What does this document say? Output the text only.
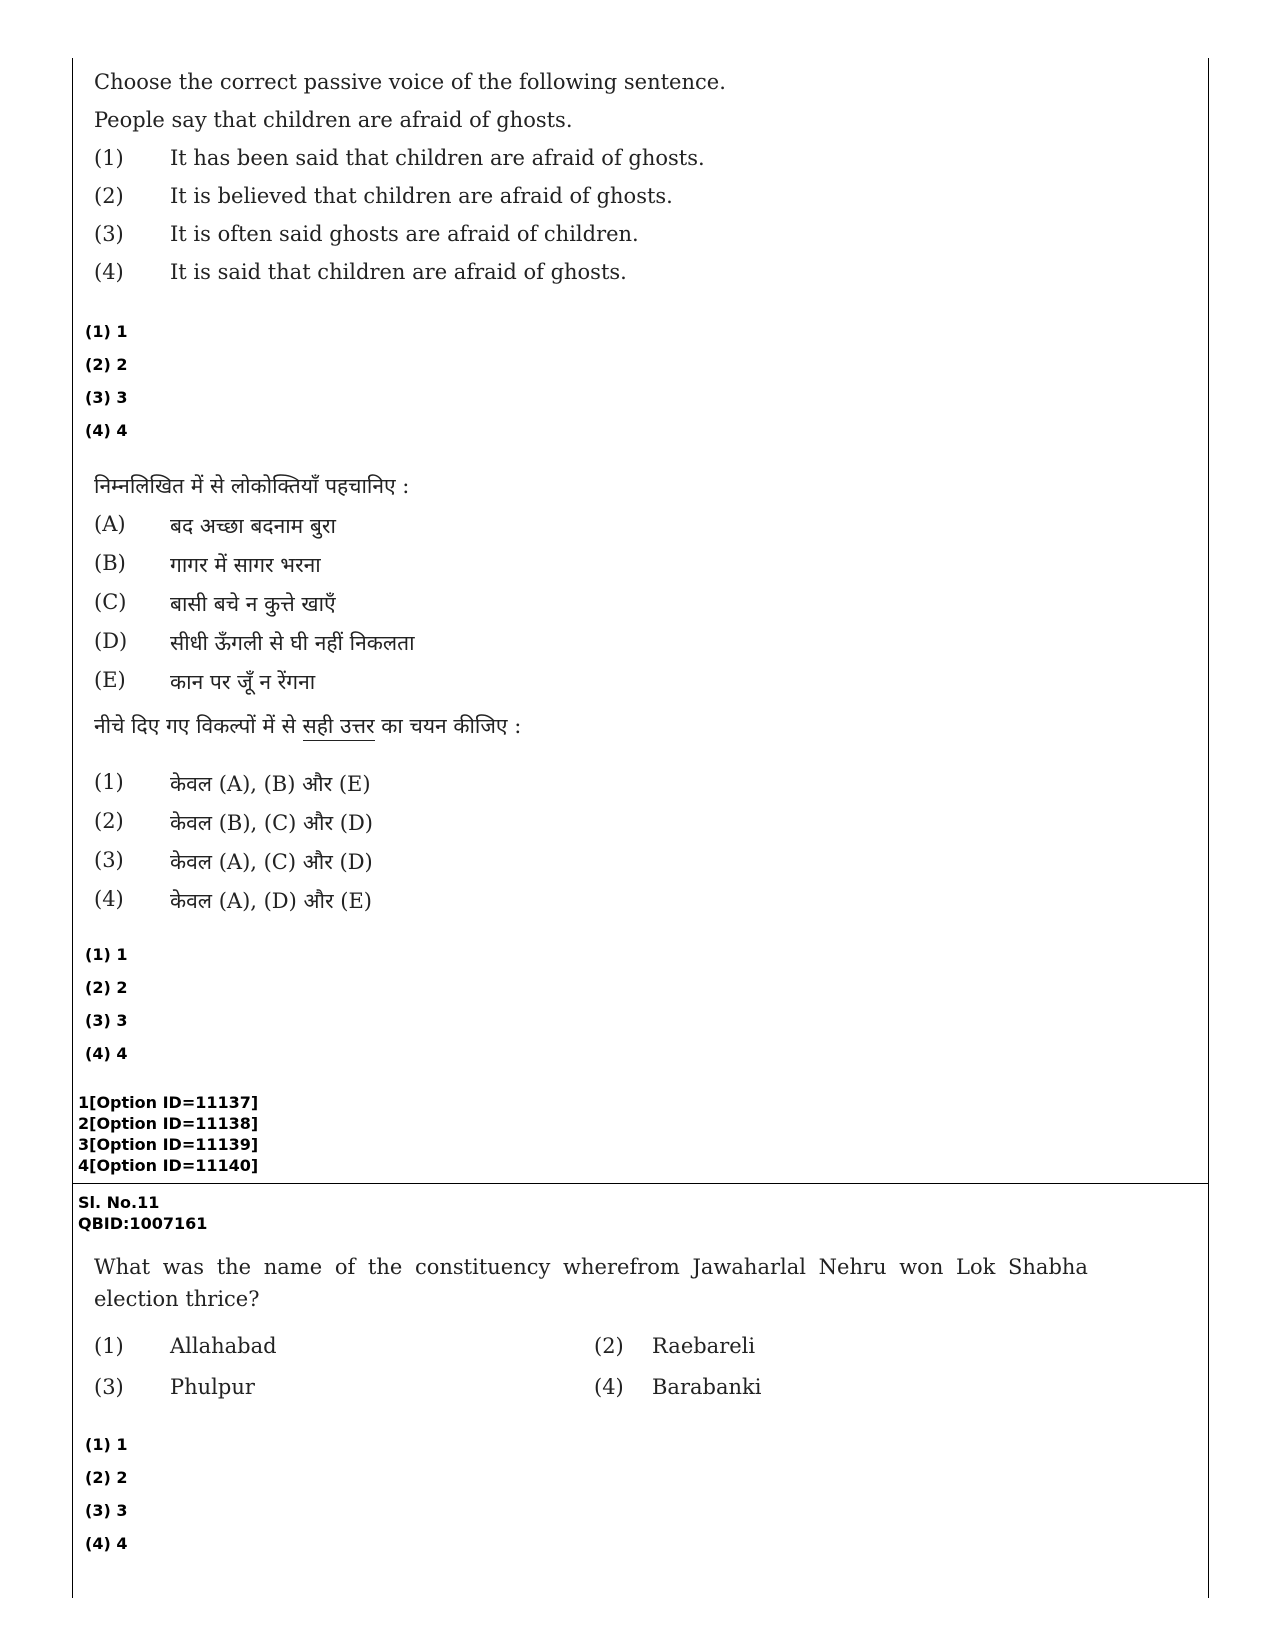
Choose the correct passive voice of the following sentence.
People say that children are afraid of ghosts.
(1) It has been said that children are afraid of ghosts.
(2) It is believed that children are afraid of ghosts.
(3) It is often said ghosts are afraid of children.
(4) It is said that children are afraid of ghosts.
(1) 1
(2) 2
(3) 3
(4) 4
निम्नलिखित में से लोकोक्तियाँ पहचानिए :
(A) बद अच्छा बदनाम बुरा
(B) गागर में सागर भरना
(C) बासी बचे न कुत्ते खाएँ
(D) सीधी ऊँगली से घी नहीं निकलता
(E) कान पर जूँ न रेंगना
नीचे दिए गए विकल्पों में से सही उत्तर का चयन कीजिए :
(1) केवल (A), (B) और (E)
(2) केवल (B), (C) और (D)
(3) केवल (A), (C) और (D)
(4) केवल (A), (D) और (E)
(1) 1
(2) 2
(3) 3
(4) 4
1[Option ID=11137]
2[Option ID=11138]
3[Option ID=11139]
4[Option ID=11140]
Sl. No.11
QBID:1007161
What was the name of the constituency wherefrom Jawaharlal Nehru won Lok Shabha
election thrice?
(1) Allahabad	(2) Raebareli
(3) Phulpur	(4) Barabanki
(1) 1
(2) 2
(3) 3
(4) 4
